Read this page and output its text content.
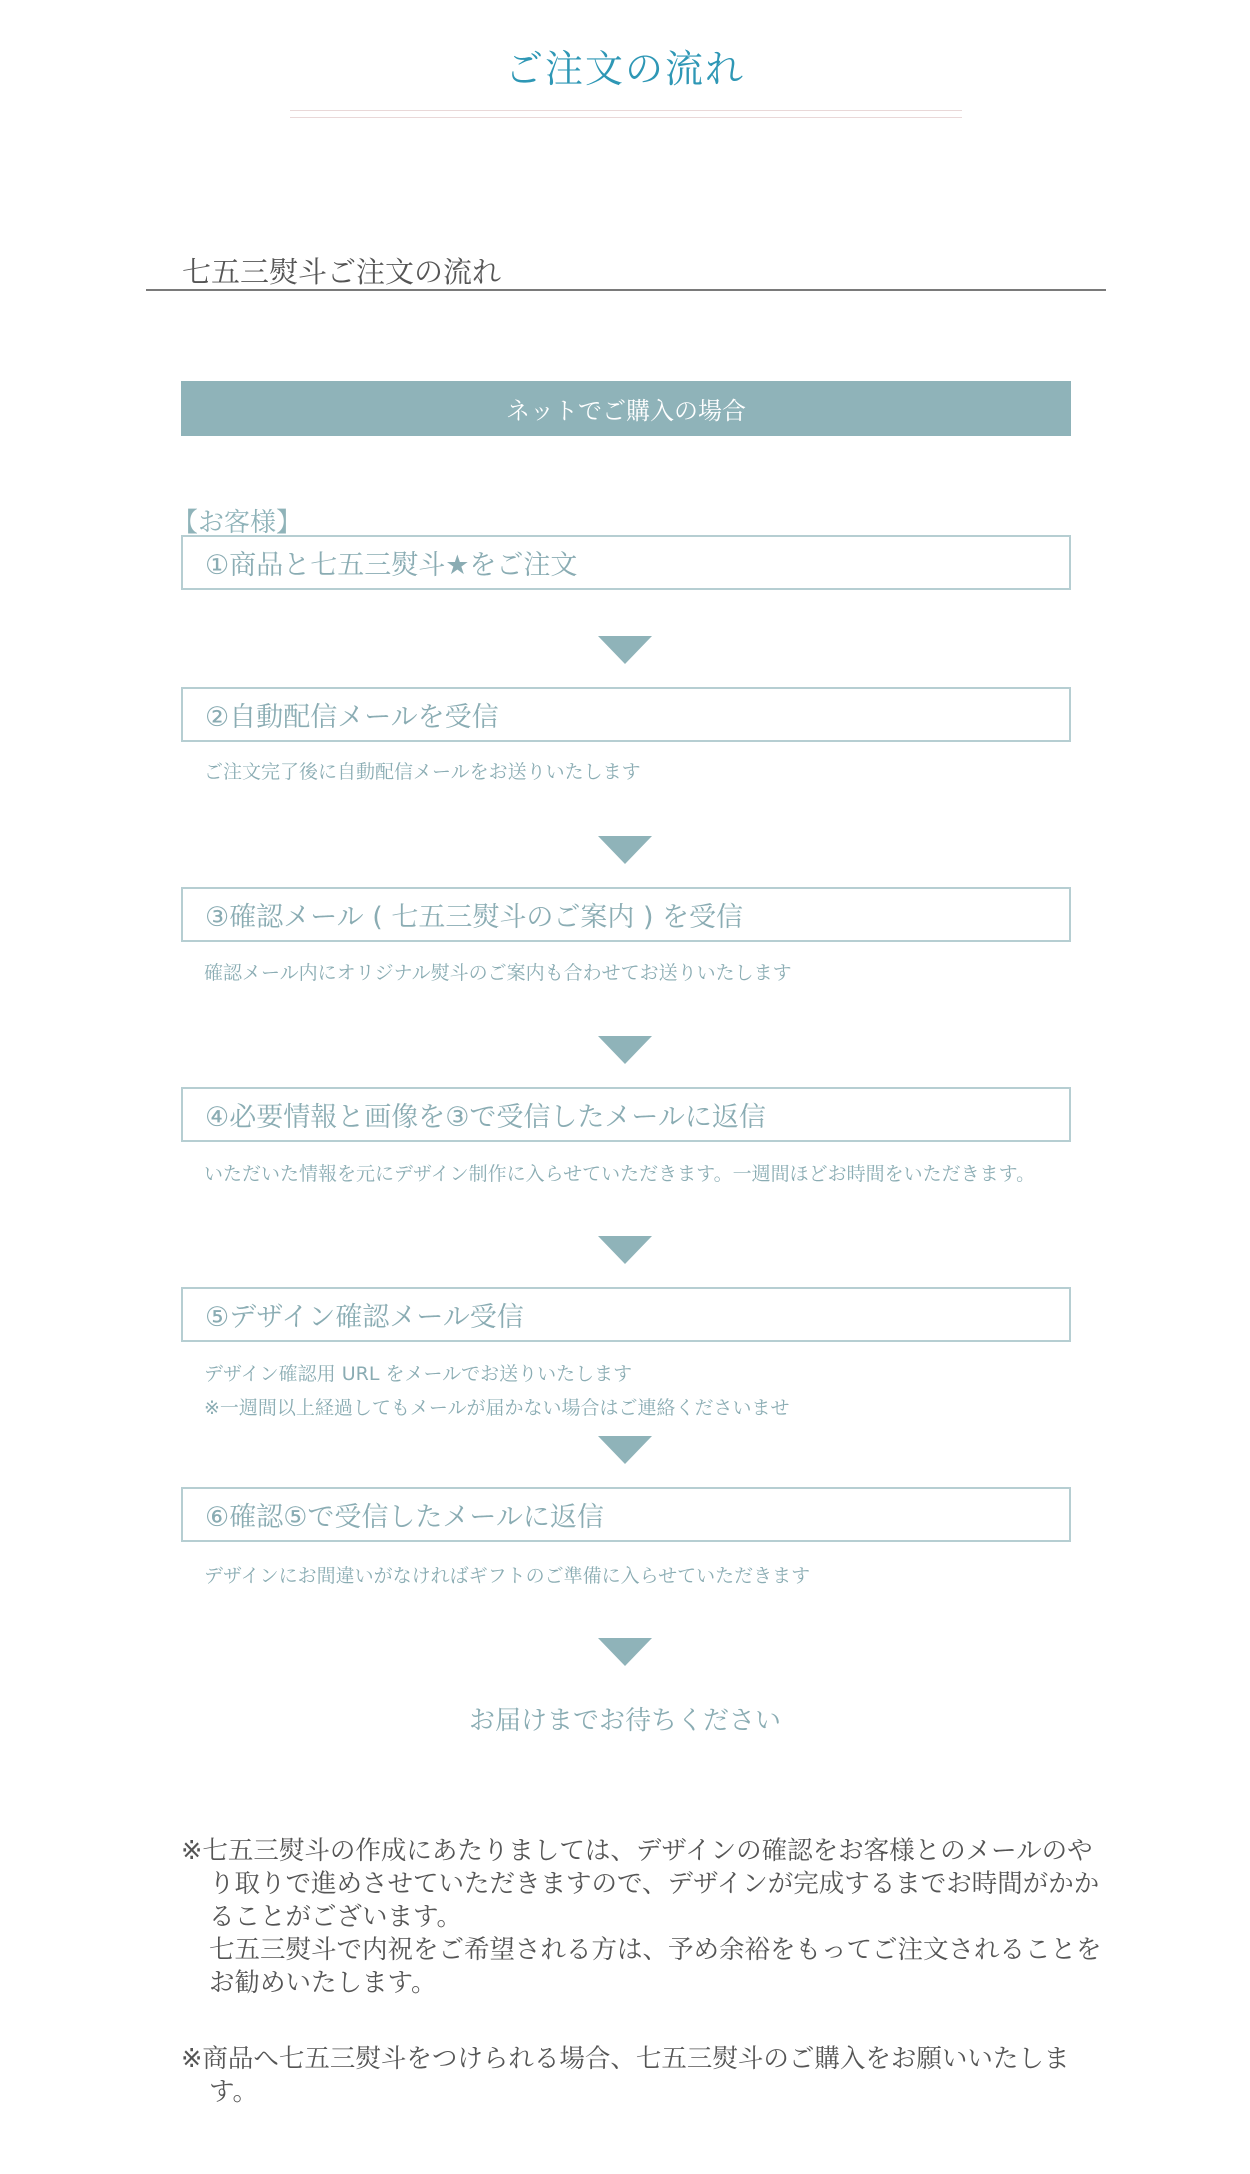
ご注文の流れ
七五三熨斗ご注文の流れ
ネットでご購入の場合
【お客様】
①商品と七五三熨斗★をご注文
②自動配信メールを受信
ご注文完了後に自動配信メールをお送りいたします
③確認メール ( 七五三熨斗のご案内 ) を受信
確認メール内にオリジナル熨斗のご案内も合わせてお送りいたします
④必要情報と画像を③で受信したメールに返信
いただいた情報を元にデザイン制作に入らせていただきます。一週間ほどお時間をいただきます。
⑤デザイン確認メール受信
デザイン確認用 URL をメールでお送りいたします
※一週間以上経過してもメールが届かない場合はご連絡くださいませ
⑥確認⑤で受信したメールに返信
デザインにお間違いがなければギフトのご準備に入らせていただきます
お届けまでお待ちください
※七五三熨斗の作成にあたりましては、デザインの確認をお客様とのメールのやり取りで進めさせていただきますので、デザインが完成するまでお時間がかかることがございます。
七五三熨斗で内祝をご希望される方は、予め余裕をもってご注文されることをお勧めいたします。
※商品へ七五三熨斗をつけられる場合、七五三熨斗のご購入をお願いいたします。
